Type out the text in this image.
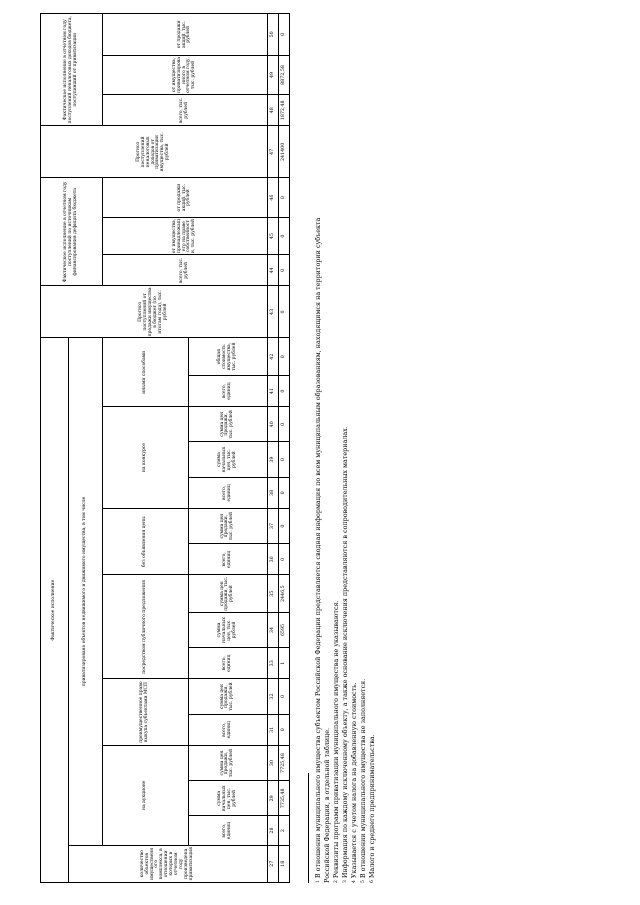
Фактическое исполнение																Прогноз поступлений от продажи имущества в бюджет (по итогам года), тыс. рублей	Фактическое исполнение в отчетном году поступлений по источникам финансирования дефицита бюджета			Прогноз поступлений неналоговых доходов от приватизации имущества, тыс. рублей	Фактическое исполнение в отчетном году поступлений неналоговых доходов бюджета, поступивший от приватизации		
количество объектов имущественного комплекса, в отношении которых в отчетном году произведена приватизация	приватизировано объектов недвижимого и движимого имущества, в том числе																						
	на аукционе			преимущественное право выкупа субъектами МСП		посредством публичного предложения			без объявления цены		на конкурсе			иными способами			всего, тыс. рублей	от имущества, принадлежащего на праве собственности, тыс. рублей	от продажи акций, тыс. рублей		всего, тыс. рублей	от имущества, приватизированного в отчетном году, тыс. рублей	от продажи акций, тыс. рублей
	всего, единиц	сумма начальных цен, тыс. рублей	сумма цен продажи, тыс. рублей	всего, единиц	сумма цен продажи, тыс. рублей	всего, единиц	сумма начальных цен, тыс. рублей	сумма цен продажи, тыс. рублей	всего, единиц	сумма цен продажи, тыс. рублей	всего, единиц	сумма начальных цен, тыс. рублей	сумма цен продажи, тыс. рублей	всего, единиц	общая стоимость имущества, тыс. рублей								
27	28	29	30	31	32	33	34	35	36	37	38	39	40	41	42	43	44	45	46	47	48	49	50
18	2	7735,48	7725,48	0	0	1	6595	2446,5	0	0	0	0	0	0	0	0	0	0	0	241400	1872,48	8872,58	0
$^1$В отношении муниципального имущества субъектом Российской Федерации представляется сводная информация по всем муниципальным образованиям, находящимся на территории субъекта Российской Федерации, в отдельной таблице. $^2$Реквизиты программ приватизации муниципального имущества не указываются.
$^3$Информация по каждому исключенному объекту, а также основание исключения представляются в сопроводительных материалах.
$^4$Указывается с учетом налога на добавленную стоимость.
$^5$В отношении муниципального имущества не заполняется.
$^6$Малого и среднего предпринимательства.
